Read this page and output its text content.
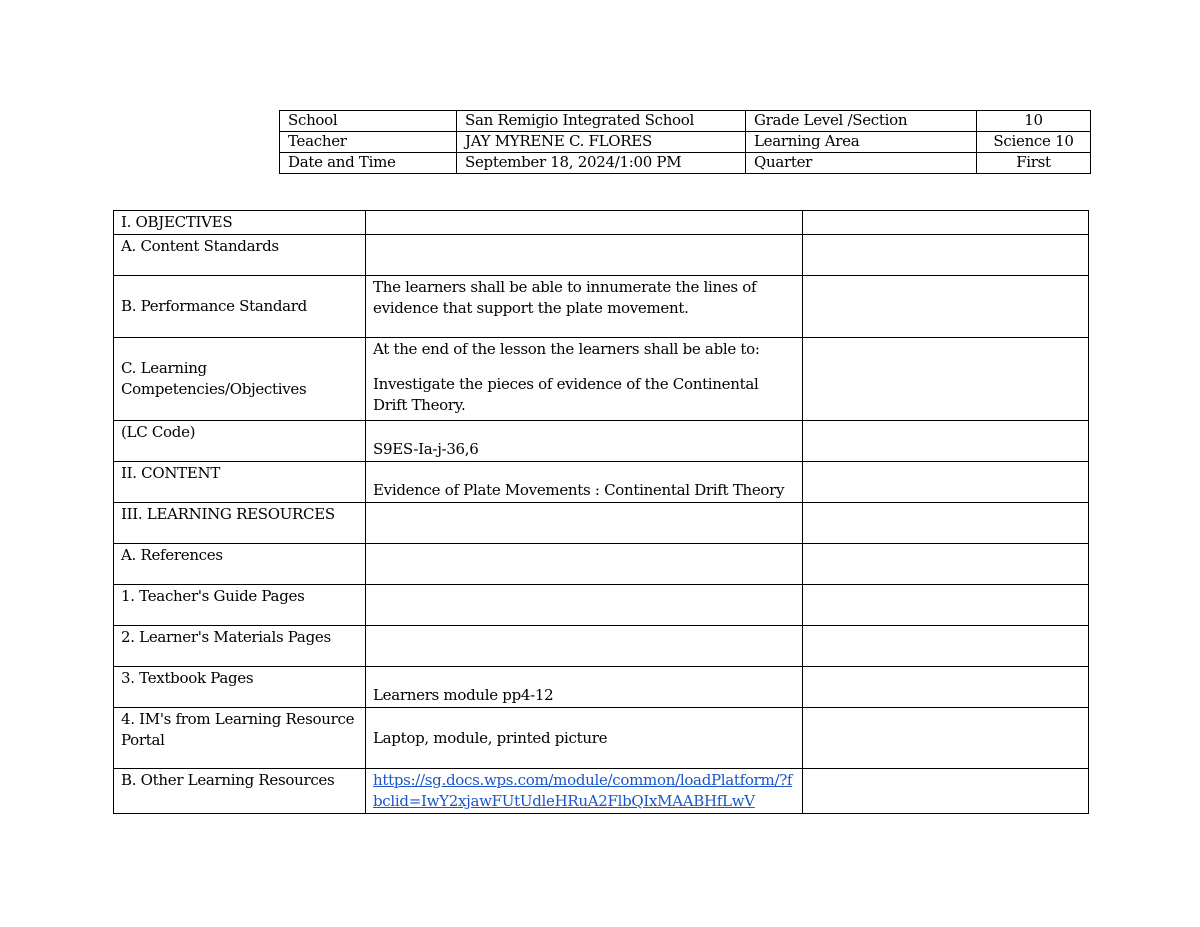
School	San Remigio Integrated School	Grade Level /Section	10
Teacher	JAY MYRENE C. FLORES	Learning Area	Science 10
Date and Time	September 18, 2024/1:00 PM	Quarter	First
I. OBJECTIVES		
A. Content Standards		
B. Performance Standard	The learners shall be able to innumerate the lines of evidence that support the plate movement.	
C. Learning Competencies/Objectives	At the end of the lesson the learners shall be able to:
Investigate the pieces of evidence of the Continental Drift Theory.	

(LC Code)	S9ES-Ia-j-36,6	
II. CONTENT	Evidence of Plate Movements : Continental Drift Theory	
III. LEARNING RESOURCES		
A. References		
1. Teacher's Guide Pages		
2. Learner's Materials Pages		
3. Textbook Pages	Learners module pp4-12	
4. IM's from Learning Resource Portal	Laptop, module, printed picture	
B. Other Learning Resources	https://sg.docs.wps.com/module/common/loadPlatform/?fbclid=IwY2xjawFUtUdleHRuA2FlbQIxMAABHfLwV	
